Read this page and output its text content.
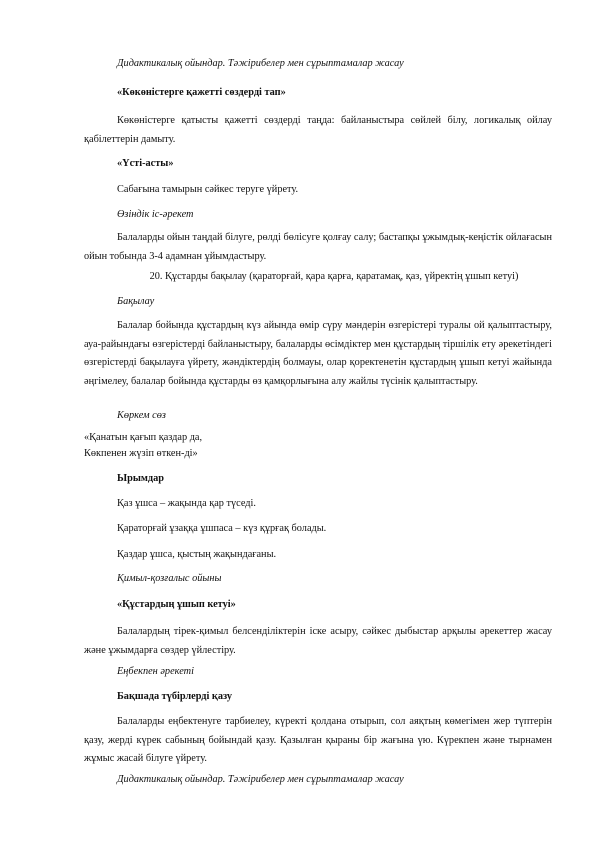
Дидактикалық ойындар. Тәжірибелер мен сұрыптамалар жасау

«Көкөністерге қажетті сөздерді тап»

Көкөністерге қатысты қажетті сөздерді таңда: байланыстыра сөйлей білу, логикалық ойлау қабілеттерін дамыту.

«Үсті-асты»

Сабағына тамырын сәйкес теруге үйрету.

Өзіндік іс-әрекет

Балаларды ойын таңдай білуге, рөлді бөлісуге қолғау салу; бастапқы ұжымдық-кеңістік ойлағасын ойын тобында 3-4 адамнан ұйымдастыру.

20. Құстарды бақылау (қараторғай, қара қарға, қаратамақ, қаз, үйректің ұшып кетуі)

Бақылау

Балалар бойында құстардың күз айында өмір сүру мәндерін өзгерістері туралы ой қалыптастыру, ауа-райындағы өзгерістерді байланыстыру, балаларды өсімдіктер мен құстардың тіршілік ету әрекетіндегі өзгерістерді бақылауға үйрету, жәндіктердің болмауы, олар қоректенетін құстардың ұшып кетуі жайында әңгімелеу, балалар бойында құстарды өз қамқорлығына алу жайлы түсінік қалыптастыру.

Көркем сөз

«Қанатын қағып қаздар да,

Көкпенен жүзіп өткен-ді»

Ырымдар

Қаз ұшса – жақында қар түседі.

Қараторғай ұзаққа ұшпаса – күз құрғақ болады.

Қаздар ұшса, қыстың жақындағаны.

Қимыл-қозғалыс ойыны

«Құстардың ұшып кетуі»

Балалардың тірек-қимыл белсенділіктерін іске асыру, сәйкес дыбыстар арқылы әрекеттер жасау және ұжымдарға сөздер үйлестіру.

Еңбекпен әрекеті

Бақшада түбірлерді қазу

Балаларды еңбектенуге тарбиелеу, күректі қолдана отырып, сол аяқтың көмегімен жер түптерін қазу, жерді күрек сабының бойындай қазу. Қазылған қыраны бір жағына үю. Күрекпен және тырнамен жұмыс жасай білуге үйрету.

Дидактикалық ойындар. Тәжірибелер мен сұрыптамалар жасау
